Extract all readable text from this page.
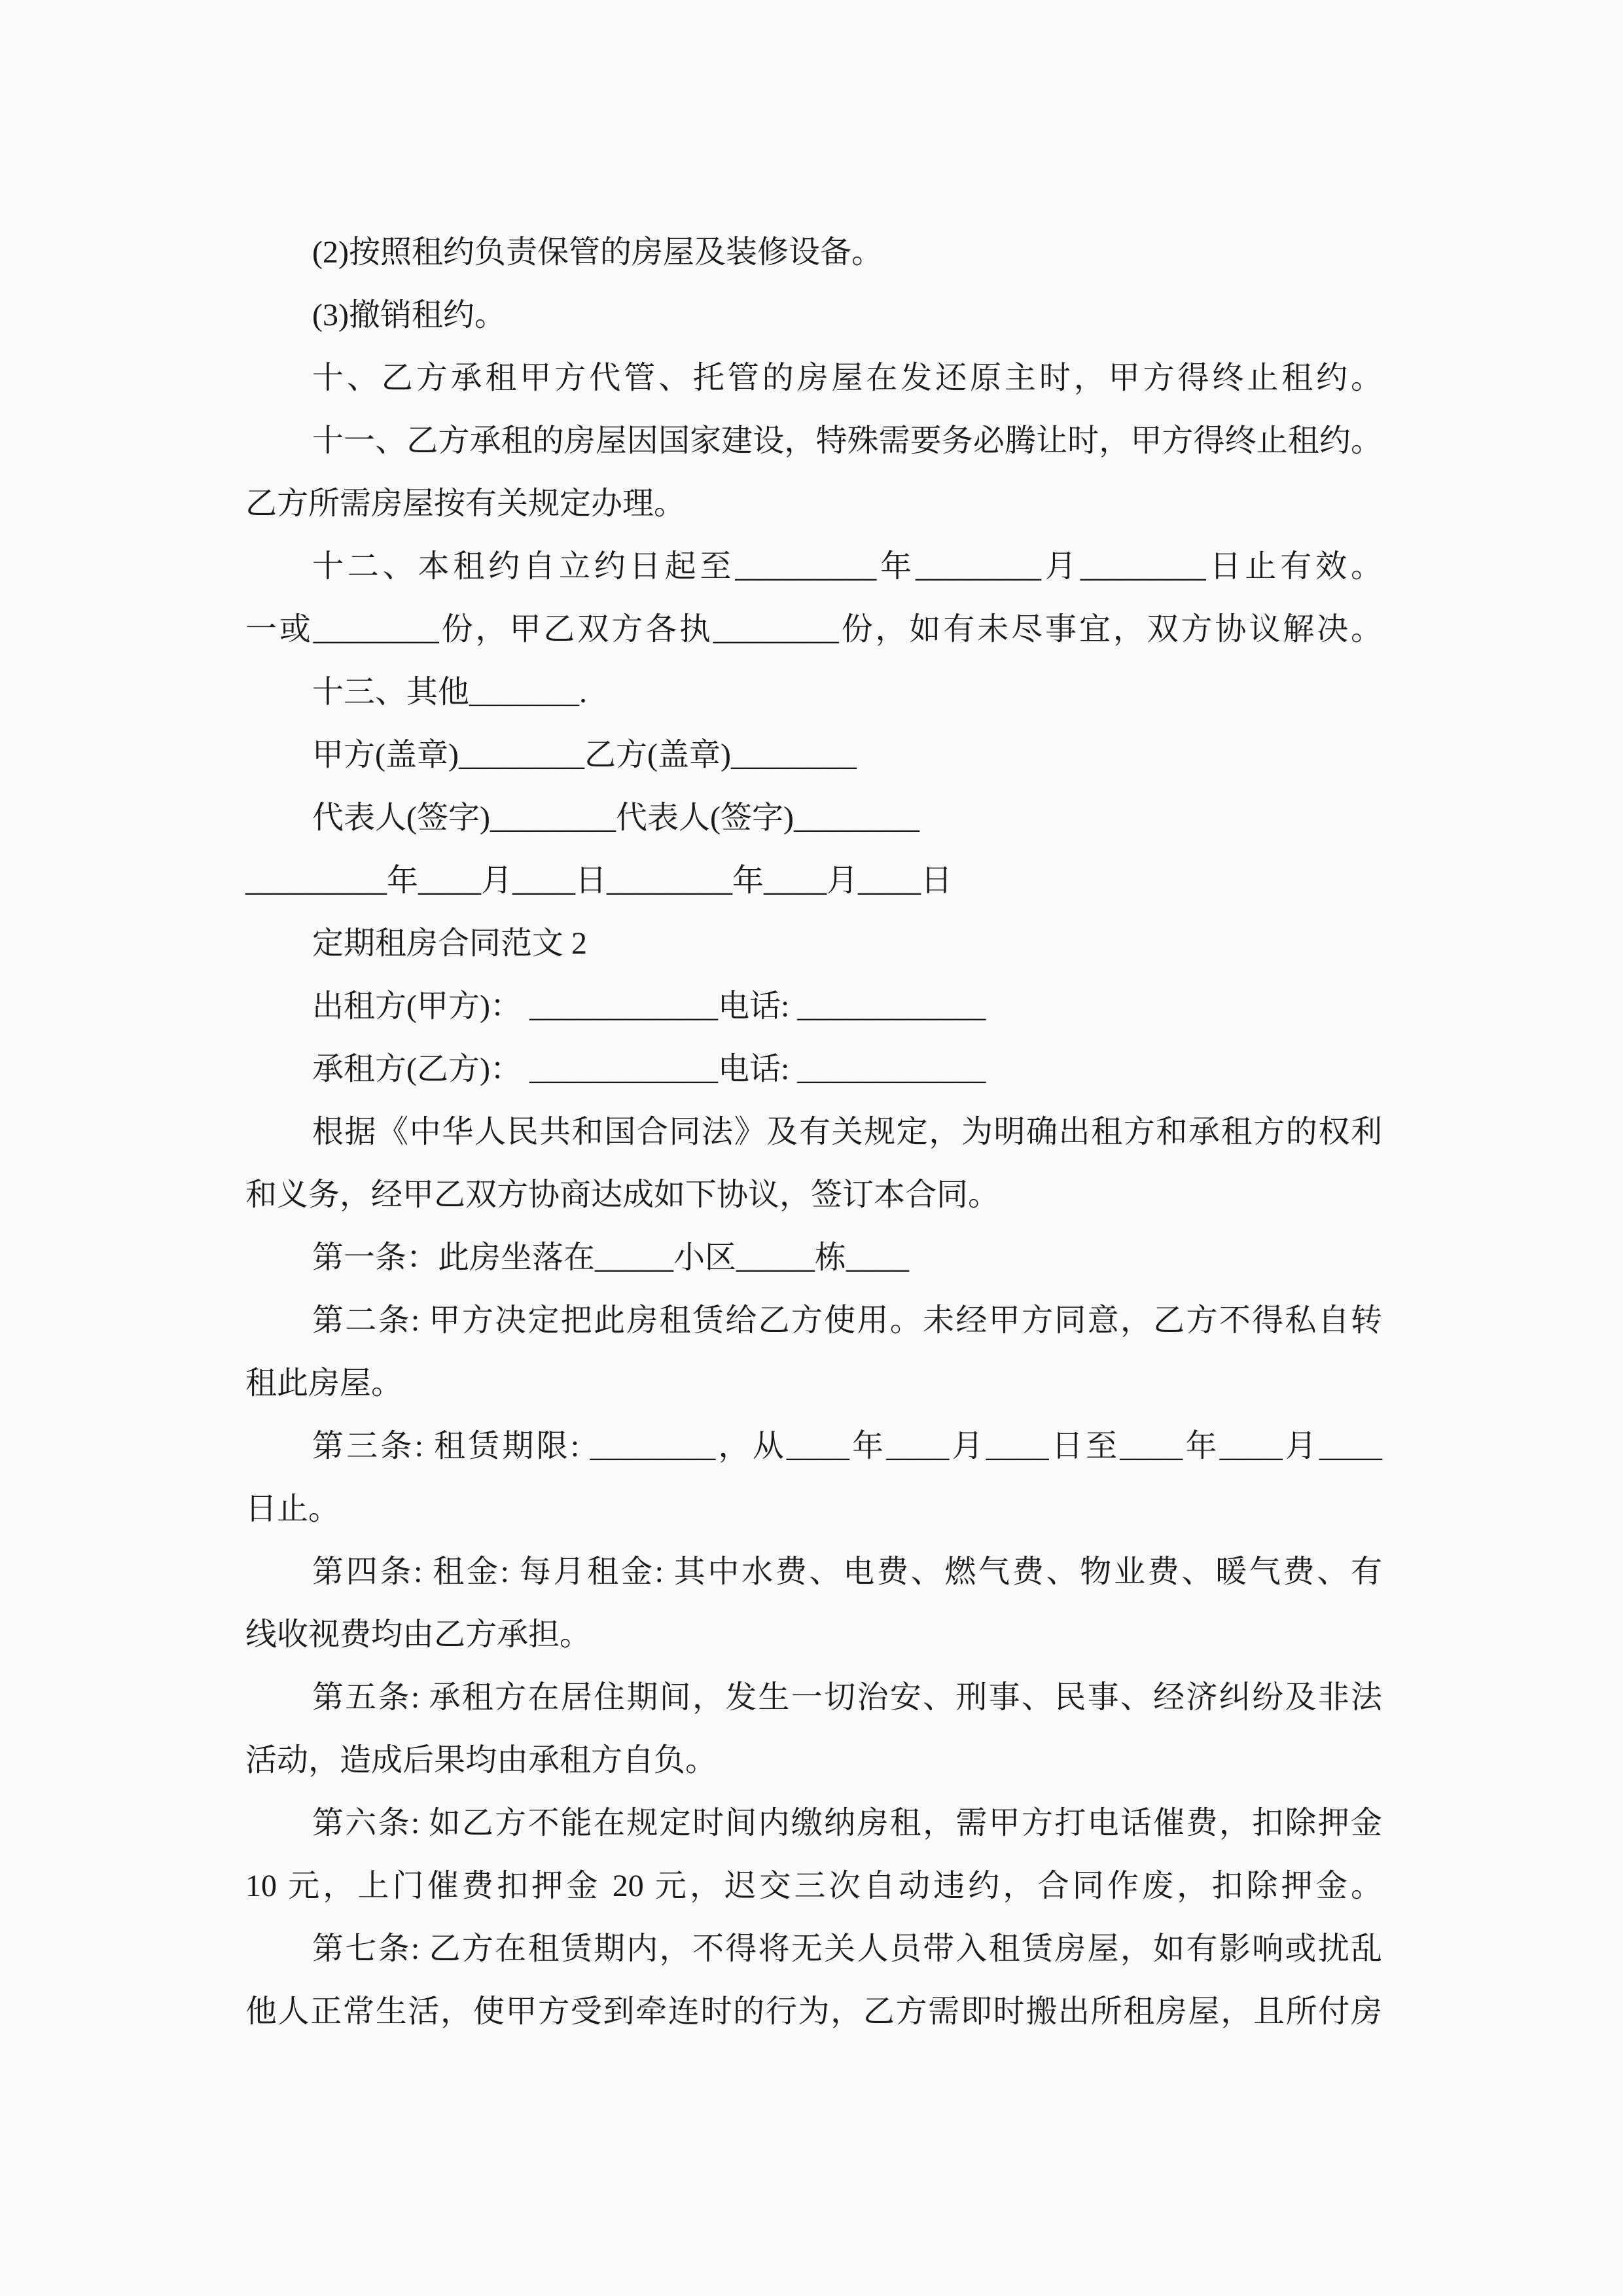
(2)按照租约负责保管的房屋及装修设备。
(3)撤销租约。
十、乙方承租甲方代管、托管的房屋在发还原主时，甲方得终止租约。
十一、乙方承租的房屋因国家建设，特殊需要务必腾让时，甲方得终止租约。
乙方所需房屋按有关规定办理。
十二、本租约自立约日起至_________年________月________日止有效。
一或________份，甲乙双方各执________份，如有未尽事宜，双方协议解决。
十三、其他_______.
甲方(盖章)________乙方(盖章)________
代表人(签字)________代表人(签字)________
_________年____月____日________年____月____日
定期租房合同范文 2
出租方(甲方)： ____________电话: ____________
承租方(乙方)： ____________电话: ____________
根据《中华人民共和国合同法》及有关规定，为明确出租方和承租方的权利
和义务，经甲乙双方协商达成如下协议，签订本合同。
第一条：此房坐落在_____小区_____栋____
第二条: 甲方决定把此房租赁给乙方使用。未经甲方同意，乙方不得私自转
租此房屋。
第三条: 租赁期限: ________，从____年____月____日至____年____月____
日止。
第四条: 租金: 每月租金: 其中水费、电费、燃气费、物业费、暖气费、有
线收视费均由乙方承担。
第五条: 承租方在居住期间，发生一切治安、刑事、民事、经济纠纷及非法
活动，造成后果均由承租方自负。
第六条: 如乙方不能在规定时间内缴纳房租，需甲方打电话催费，扣除押金
10 元，上门催费扣押金 20 元，迟交三次自动违约，合同作废，扣除押金。
第七条: 乙方在租赁期内，不得将无关人员带入租赁房屋，如有影响或扰乱
他人正常生活，使甲方受到牵连时的行为，乙方需即时搬出所租房屋，且所付房
